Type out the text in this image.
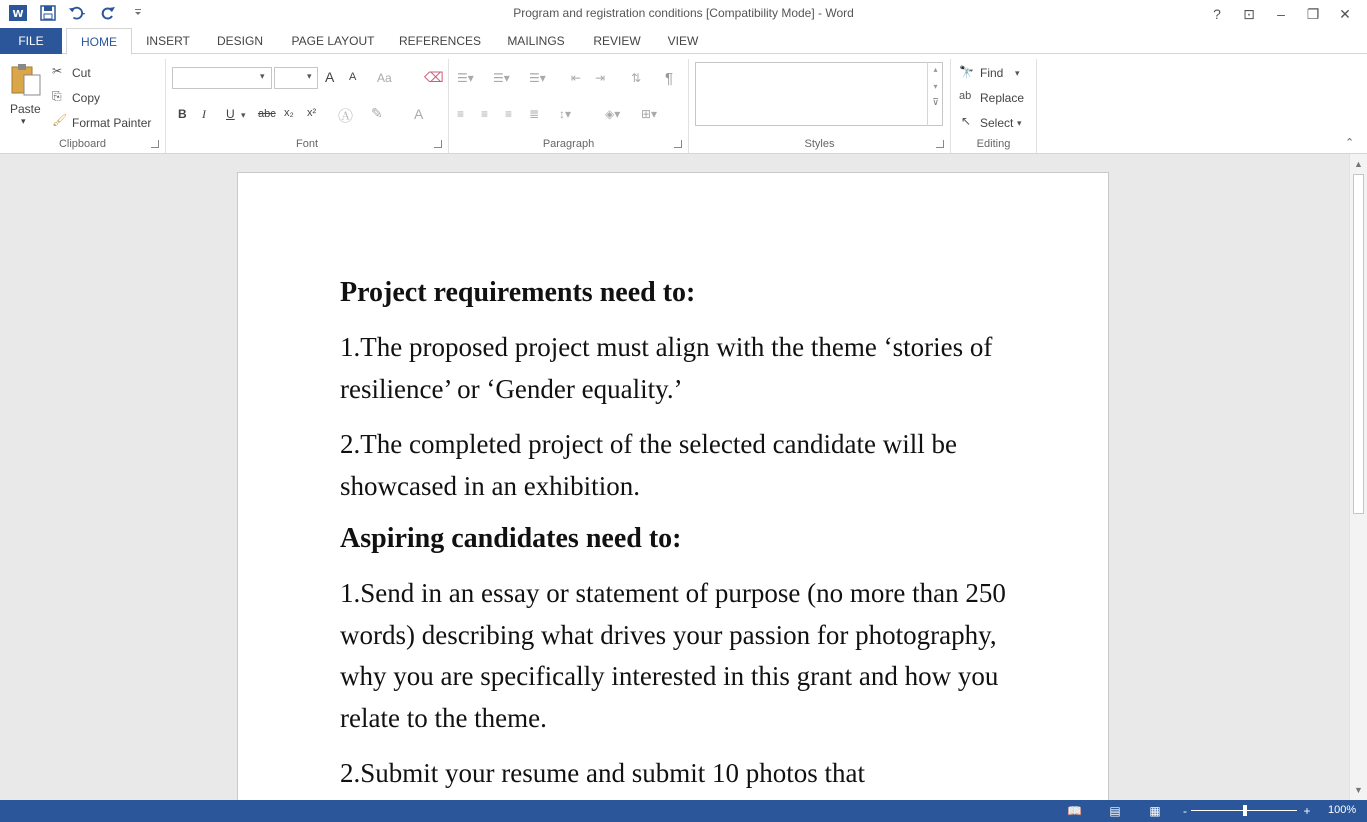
W	Program and registration conditions [Compatibility Mode] - Word	?	⊡	–	❐	✕
FILE	HOME	INSERT	DESIGN	PAGE LAYOUT	REFERENCES	MAILINGS	REVIEW	VIEW
Paste
▾
✂ Cut
⎘ Copy
🖌 Format Painter
Clipboard
▾	▾ A A Aa ⌫
B I U ▾ abc x₂ x² Ⓐ ✎ A
Font
☰▾ ☰▾ ☰▾ ⇤ ⇥ ⇅ ¶
≡ ≡ ≡ ≣ ↕▾	◈▾ ⊞▾
Paragraph
▴
▾
⊽
Styles
🔭 Find ▾
ab Replace
↖ Select ▾
Editing	⌃
Project requirements need to:

1.The proposed project must align with the theme ‘stories of resilience’ or ‘Gender equality.’

2.The completed project of the selected candidate will be showcased in an exhibition.

Aspiring candidates need to:

1.Send in an essay or statement of purpose (no more than 250 words) describing what drives your passion for photography, why you are specifically interested in this grant and how you relate to the theme.

2.Submit your resume and submit 10 photos that

▲
▼
📖 ▤ ▦	-	+	100%
